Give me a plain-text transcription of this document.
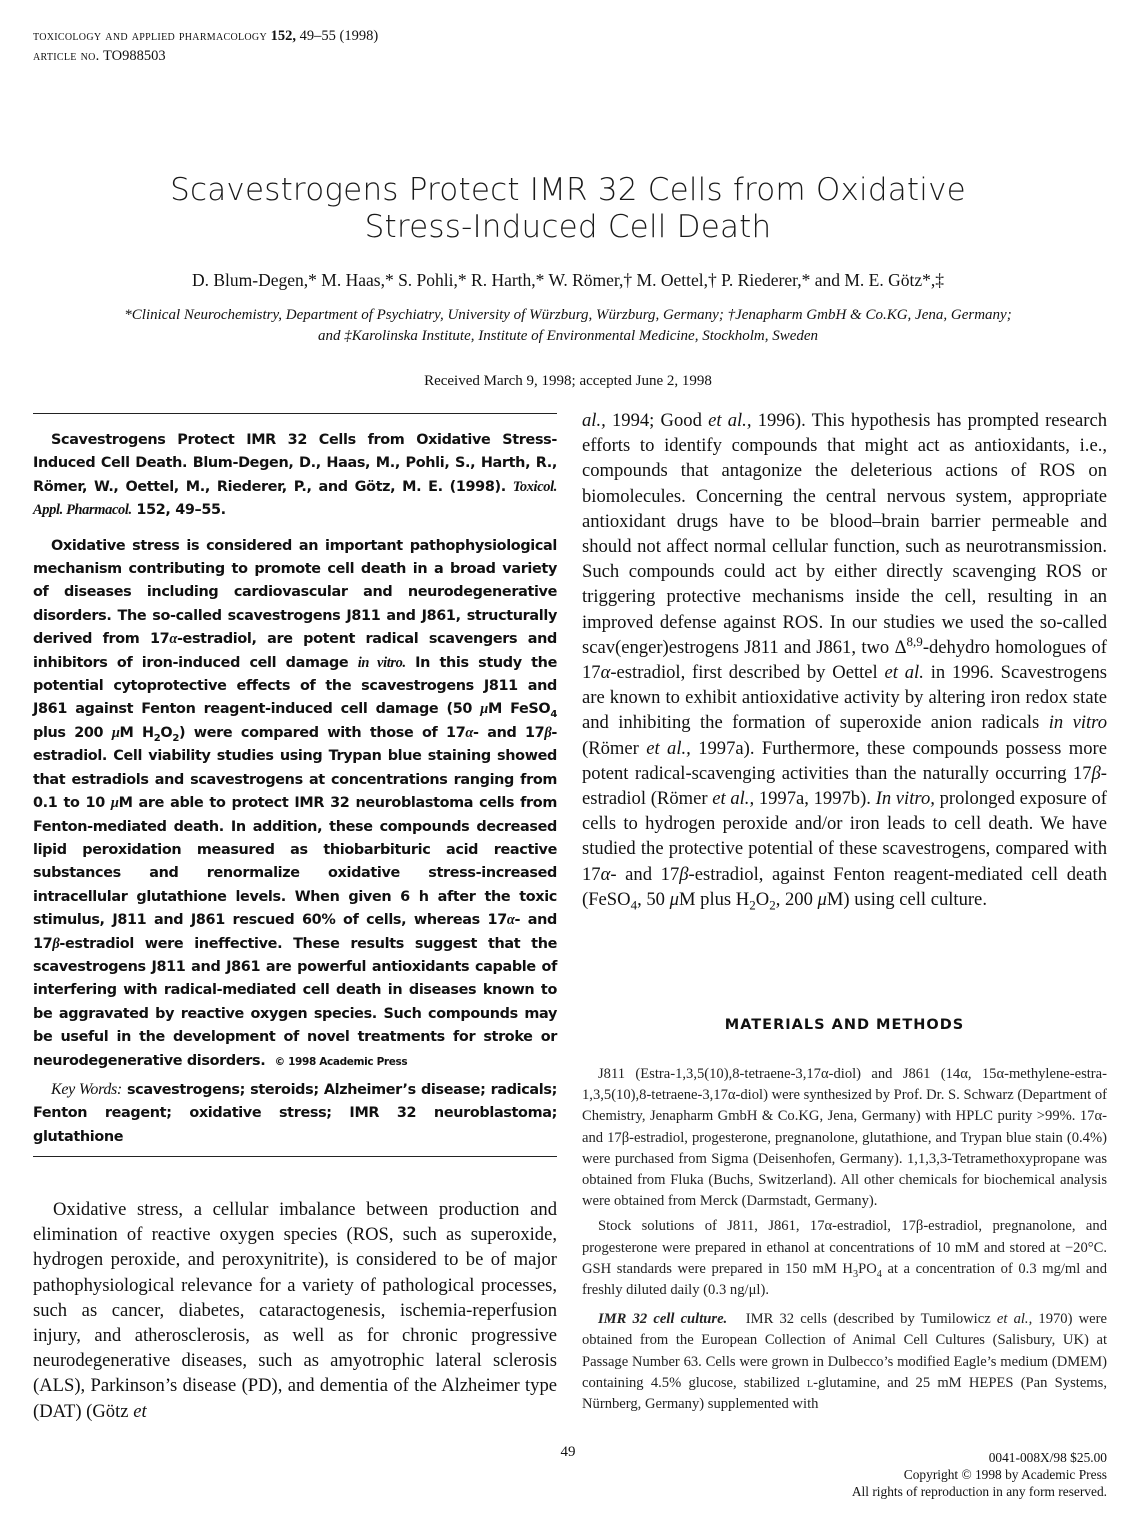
toxicology and applied pharmacology 152, 49–55 (1998)
article no. TO988503
Scavestrogens Protect IMR 32 Cells from Oxidative
Stress-Induced Cell Death
D. Blum-Degen,* M. Haas,* S. Pohli,* R. Harth,* W. Römer,† M. Oettel,† P. Riederer,* and M. E. Götz*,‡
*Clinical Neurochemistry, Department of Psychiatry, University of Würzburg, Würzburg, Germany; †Jenapharm GmbH & Co.KG, Jena, Germany;
and ‡Karolinska Institute, Institute of Environmental Medicine, Stockholm, Sweden
Received March 9, 1998; accepted June 2, 1998

Scavestrogens Protect IMR 32 Cells from Oxidative Stress-Induced Cell Death. Blum-Degen, D., Haas, M., Pohli, S., Harth, R., Römer, W., Oettel, M., Riederer, P., and Götz, M. E. (1998). Toxicol. Appl. Pharmacol. 152, 49–55.

Oxidative stress is considered an important pathophysiological mechanism contributing to promote cell death in a broad variety of diseases including cardiovascular and neurodegenerative disorders. The so-called scavestrogens J811 and J861, structurally derived from 17α-estradiol, are potent radical scavengers and inhibitors of iron-induced cell damage in vitro. In this study the potential cytoprotective effects of the scavestrogens J811 and J861 against Fenton reagent-induced cell damage (50 μM FeSO$_4$ plus 200 μM $H_2O_2$) were compared with those of 17α- and 17β-estradiol. Cell viability studies using Trypan blue staining showed that estradiols and scavestrogens at concentrations ranging from 0.1 to 10 μM are able to protect IMR 32 neuroblastoma cells from Fenton-mediated death. In addition, these compounds decreased lipid peroxidation measured as thiobarbituric acid reactive substances and renormalize oxidative stress-increased intracellular glutathione levels. When given 6 h after the toxic stimulus, J811 and J861 rescued 60% of cells, whereas 17α- and 17β-estradiol were ineffective. These results suggest that the scavestrogens J811 and J861 are powerful antioxidants capable of interfering with radical-mediated cell death in diseases known to be aggravated by reactive oxygen species. Such compounds may be useful in the development of novel treatments for stroke or neurodegenerative disorders. © 1998 Academic Press

Key Words: scavestrogens; steroids; Alzheimer’s disease; radicals; Fenton reagent; oxidative stress; IMR 32 neuroblastoma; glutathione

Oxidative stress, a cellular imbalance between production and elimination of reactive oxygen species (ROS, such as superoxide, hydrogen peroxide, and peroxynitrite), is considered to be of major pathophysiological relevance for a variety of pathological processes, such as cancer, diabetes, cataractogenesis, ischemia-reperfusion injury, and atherosclerosis, as well as for chronic progressive neurodegenerative diseases, such as amyotrophic lateral sclerosis (ALS), Parkinson’s disease (PD), and dementia of the Alzheimer type (DAT) (Götz et

al., 1994; Good et al., 1996). This hypothesis has prompted research efforts to identify compounds that might act as antioxidants, i.e., compounds that antagonize the deleterious actions of ROS on biomolecules. Concerning the central nervous system, appropriate antioxidant drugs have to be blood–brain barrier permeable and should not affect normal cellular function, such as neurotransmission. Such compounds could act by either directly scavenging ROS or triggering protective mechanisms inside the cell, resulting in an improved defense against ROS. In our studies we used the so-called scav(enger)estrogens J811 and J861, two Δ$^{8,9}$-dehydro homologues of 17α-estradiol, first described by Oettel et al. in 1996. Scavestrogens are known to exhibit antioxidative activity by altering iron redox state and inhibiting the formation of superoxide anion radicals in vitro (Römer et al., 1997a). Furthermore, these compounds possess more potent radical-scavenging activities than the naturally occurring 17β-estradiol (Römer et al., 1997a, 1997b). In vitro, prolonged exposure of cells to hydrogen peroxide and/or iron leads to cell death. We have studied the protective potential of these scavestrogens, compared with 17α- and 17β-estradiol, against Fenton reagent-mediated cell death (FeSO$_4$, 50 μM plus $H_2O_2$, 200 μM) using cell culture.

MATERIALS AND METHODS

J811 (Estra-1,3,5(10),8-tetraene-3,17α-diol) and J861 (14α, 15α-methylene-estra-1,3,5(10),8-tetraene-3,17α-diol) were synthesized by Prof. Dr. S. Schwarz (Department of Chemistry, Jenapharm GmbH & Co.KG, Jena, Germany) with HPLC purity >99%. 17α- and 17β-estradiol, progesterone, pregnanolone, glutathione, and Trypan blue stain (0.4%) were purchased from Sigma (Deisenhofen, Germany). 1,1,3,3-Tetramethoxypropane was obtained from Fluka (Buchs, Switzerland). All other chemicals for biochemical analysis were obtained from Merck (Darmstadt, Germany).

Stock solutions of J811, J861, 17α-estradiol, 17β-estradiol, pregnanolone, and progesterone were prepared in ethanol at concentrations of 10 mM and stored at −20°C. GSH standards were prepared in 150 mM $H_3PO_4$ at a concentration of 0.3 mg/ml and freshly diluted daily (0.3 ng/μl).

IMR 32 cell culture. IMR 32 cells (described by Tumilowicz et al., 1970) were obtained from the European Collection of Animal Cell Cultures (Salisbury, UK) at Passage Number 63. Cells were grown in Dulbecco’s modified Eagle’s medium (DMEM) containing 4.5% glucose, stabilized l-glutamine, and 25 mM HEPES (Pan Systems, Nürnberg, Germany) supplemented with

49	0041-008X/98 $25.00
Copyright © 1998 by Academic Press
All rights of reproduction in any form reserved.
